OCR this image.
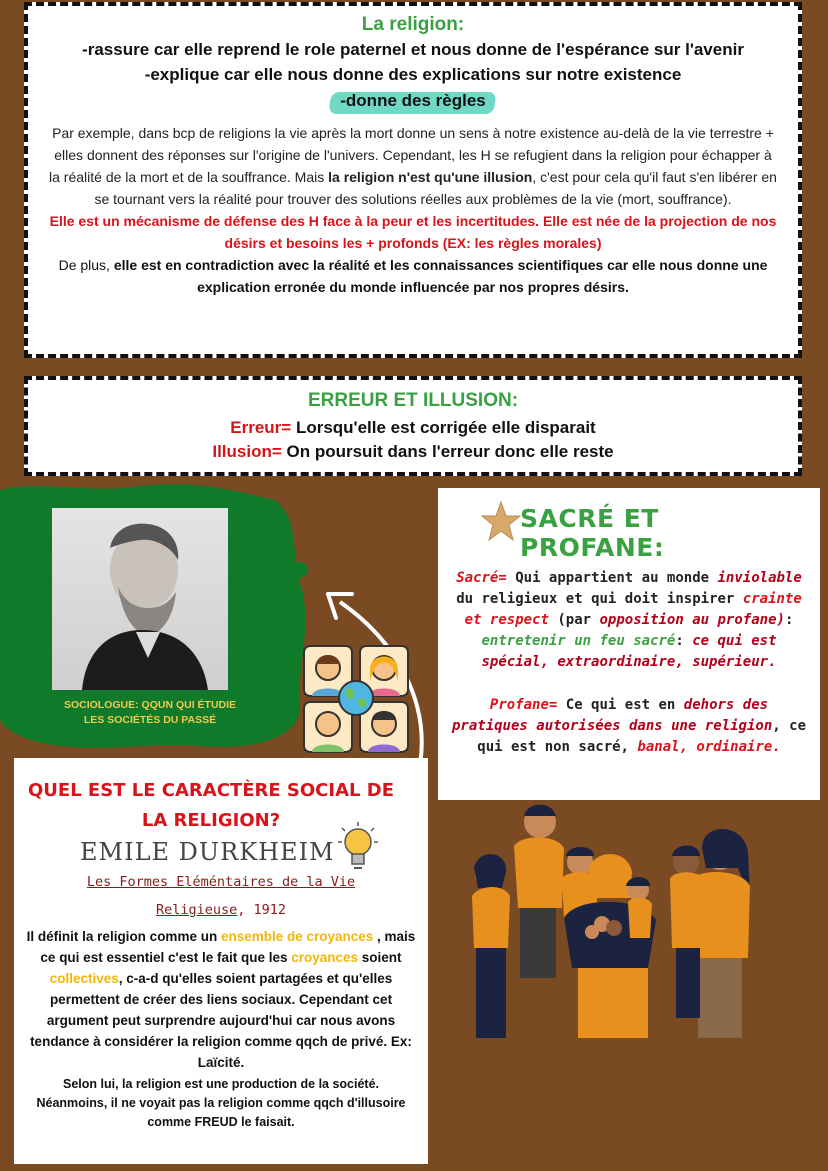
La religion:
-rassure car elle reprend le role paternel et nous donne de l'espérance sur l'avenir
-explique car elle nous donne des explications sur notre existence
-donne des règles
Par exemple, dans bcp de religions la vie après la mort donne un sens à notre existence au-delà de la vie terrestre + elles donnent des réponses sur l'origine de l'univers. Cependant, les H se refugient dans la religion pour échapper à la réalité de la mort et de la souffrance. Mais la religion n'est qu'une illusion, c'est pour cela qu'il faut s'en libérer en se tournant vers la réalité pour trouver des solutions réelles aux problèmes de la vie (mort, souffrance).
Elle est un mécanisme de défense des H face à la peur et les incertitudes. Elle est née de la projection de nos désirs et besoins les + profonds (EX: les règles morales)
De plus, elle est en contradiction avec la réalité et les connaissances scientifiques car elle nous donne une explication erronée du monde influencée par nos propres désirs.
ERREUR ET ILLUSION:
Erreur= Lorsqu'elle est corrigée elle disparait
Illusion= On poursuit dans l'erreur donc elle reste
SOCIOLOGUE: QQUN QUI ÉTUDIE LES SOCIÉTÉS DU PASSÉ
SACRÉ ET PROFANE:
Sacré= Qui appartient au monde inviolable du religieux et qui doit inspirer crainte et respect (par opposition au profane): entretenir un feu sacré: ce qui est spécial, extraordinaire, supérieur.
Profane= Ce qui est en dehors des pratiques autorisées dans une religion, ce qui est non sacré, banal, ordinaire.
QUEL EST LE CARACTÈRE SOCIAL DE LA RELIGION?
EMILE DURKHEIM
Les Formes Eléméntaires de la Vie
Religieuse, 1912
Il définit la religion comme un ensemble de croyances , mais ce qui est essentiel c'est le fait que les croyances soient collectives, c-a-d qu'elles soient partagées et qu'elles permettent de créer des liens sociaux. Cependant cet argument peut surprendre aujourd'hui car nous avons tendance à considérer la religion comme qqch de privé. Ex: Laïcité.
Selon lui, la religion est une production de la société. Néanmoins, il ne voyait pas la religion comme qqch d'illusoire comme FREUD le faisait.
